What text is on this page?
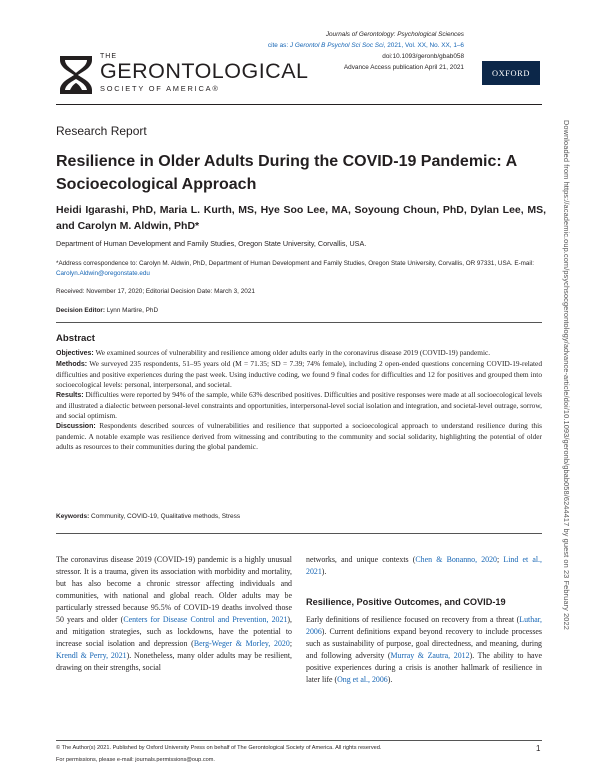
THE
GERONTOLOGICAL
SOCIETY OF AMERICA®
Journals of Gerontology: Psychological Sciences
cite as: J Gerontol B Psychol Sci Soc Sci, 2021, Vol. XX, No. XX, 1–6
doi:10.1093/geronb/gbab058
Advance Access publication April 21, 2021
OXFORD
Research Report
Resilience in Older Adults During the COVID-19 Pandemic: A Socioecological Approach
Heidi Igarashi, PhD, Maria L. Kurth, MS, Hye Soo Lee, MA, Soyoung Choun, PhD, Dylan Lee, MS, and Carolyn M. Aldwin, PhD*
Department of Human Development and Family Studies, Oregon State University, Corvallis, USA.
*Address correspondence to: Carolyn M. Aldwin, PhD, Department of Human Development and Family Studies, Oregon State University, Corvallis, OR 97331, USA. E-mail: Carolyn.Aldwin@oregonstate.edu
Received: November 17, 2020; Editorial Decision Date: March 3, 2021
Decision Editor: Lynn Martire, PhD
Abstract

Objectives: We examined sources of vulnerability and resilience among older adults early in the coronavirus disease 2019 (COVID-19) pandemic.

Methods: We surveyed 235 respondents, 51–95 years old (M = 71.35; SD = 7.39; 74% female), including 2 open-ended questions concerning COVID-19-related difficulties and positive experiences during the past week. Using inductive coding, we found 9 final codes for difficulties and 12 for positives and grouped them into socioecological levels: personal, interpersonal, and societal.

Results: Difficulties were reported by 94% of the sample, while 63% described positives. Difficulties and positive responses were made at all socioecological levels and illustrated a dialectic between personal-level constraints and opportunities, interpersonal-level social isolation and integration, and societal-level outrage, sorrow, and social optimism.

Discussion: Respondents described sources of vulnerabilities and resilience that supported a socioecological approach to understand resilience during this pandemic. A notable example was resilience derived from witnessing and contributing to the community and social solidarity, highlighting the potential of older adults as resources to their communities during the global pandemic.

Keywords: Community, COVID-19, Qualitative methods, Stress
The coronavirus disease 2019 (COVID-19) pandemic is a highly unusual stressor. It is a trauma, given its association with morbidity and mortality, but has also become a chronic stressor affecting individuals and communities, with national and global reach. Older adults may be particularly stressed because 95.5% of COVID-19 deaths involved those 50 years and older (Centers for Disease Control and Prevention, 2021), and mitigation strategies, such as lockdowns, have the potential to increase social isolation and depression (Berg-Weger & Morley, 2020; Krendl & Perry, 2021). Nonetheless, many older adults may be resilient, drawing on their strengths, social
networks, and unique contexts (Chen & Bonanno, 2020; Lind et al., 2021).
Resilience, Positive Outcomes, and COVID-19
Early definitions of resilience focused on recovery from a threat (Luthar, 2006). Current definitions expand beyond recovery to include processes such as sustainability of purpose, goal directedness, and meaning, during and following adversity (Murray & Zautra, 2012). The ability to have positive experiences during a crisis is another hallmark of resilience in later life (Ong et al., 2006).
© The Author(s) 2021. Published by Oxford University Press on behalf of The Gerontological Society of America. All rights reserved.
For permissions, please e-mail: journals.permissions@oup.com.
1
Downloaded from https://academic.oup.com/psychsocgerontology/advance-article/doi/10.1093/geronb/gbab058/6244417 by guest on 23 February 2022
